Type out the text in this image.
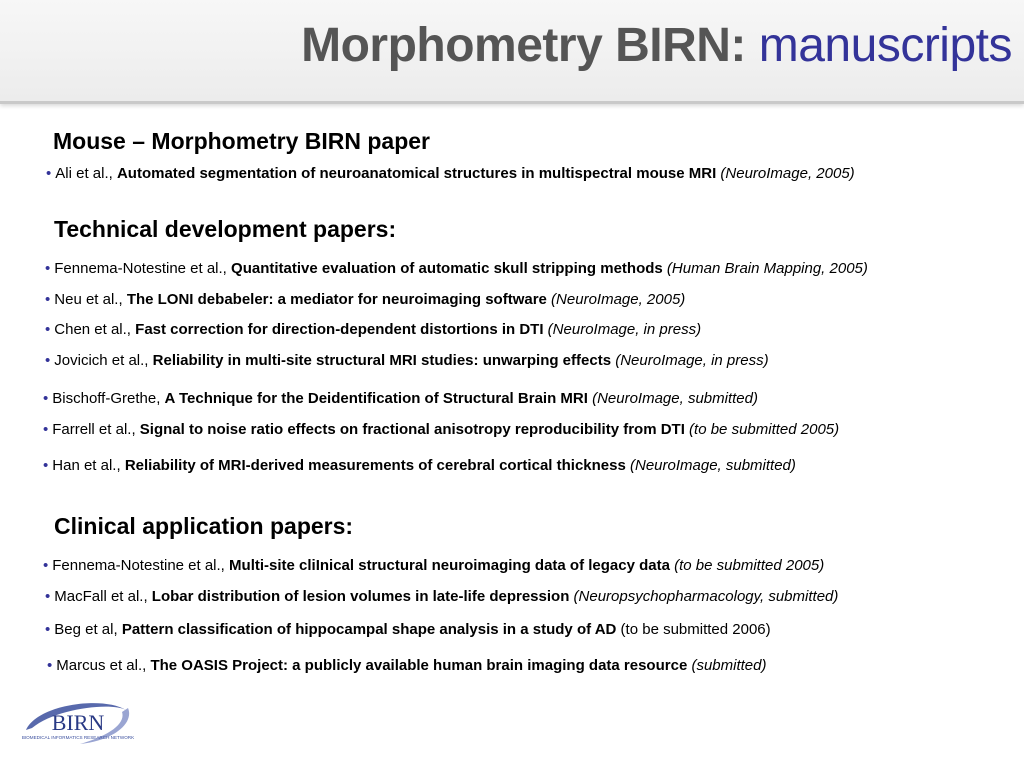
Morphometry BIRN: manuscripts
Mouse – Morphometry BIRN paper
• Ali et al., Automated segmentation of neuroanatomical structures in multispectral mouse MRI (NeuroImage, 2005)
Technical development papers:
• Fennema-Notestine et al., Quantitative evaluation of automatic skull stripping methods (Human Brain Mapping, 2005)
• Neu et al., The LONI debabeler: a mediator for neuroimaging software (NeuroImage, 2005)
• Chen et al., Fast correction for direction-dependent distortions in DTI (NeuroImage, in press)
• Jovicich et al., Reliability in multi-site structural MRI studies: unwarping effects (NeuroImage, in press)
• Bischoff-Grethe, A Technique for the Deidentification of Structural Brain MRI (NeuroImage, submitted)
• Farrell et al., Signal to noise ratio effects on fractional anisotropy reproducibility from DTI (to be submitted 2005)
• Han et al., Reliability of MRI-derived measurements of cerebral cortical thickness (NeuroImage, submitted)
Clinical application papers:
• Fennema-Notestine et al., Multi-site cliInical structural neuroimaging data of legacy data (to be submitted 2005)
• MacFall et al., Lobar distribution of lesion volumes in late-life depression (Neuropsychopharmacology, submitted)
• Beg et al, Pattern classification of hippocampal shape analysis in a study of AD (to be submitted 2006)
• Marcus et al., The OASIS Project: a publicly available human brain imaging data resource (submitted)
BIRN
BIOMEDICAL INFORMATICS RESEARCH NETWORK
